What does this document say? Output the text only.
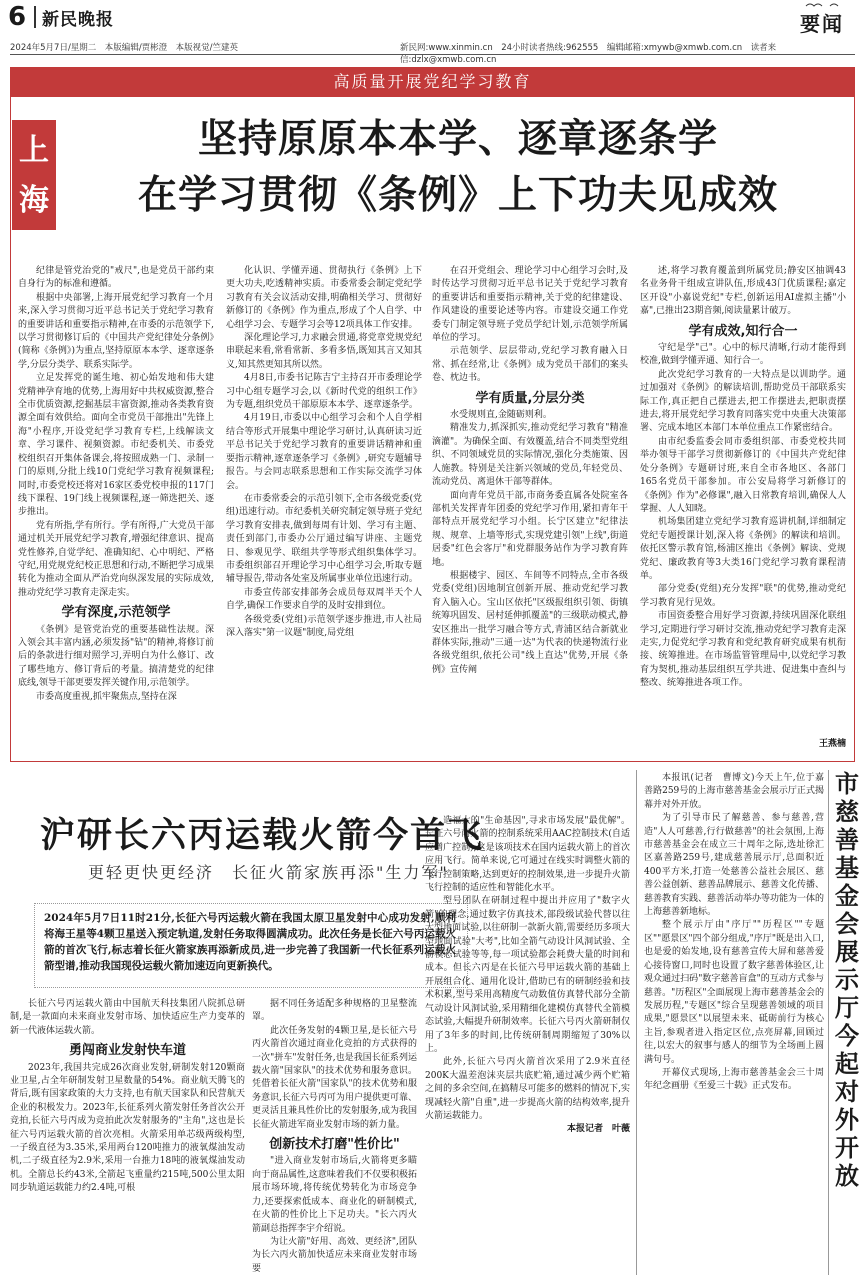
6 新民晚报	要闻
2024年5月7日/星期二　本版编辑/贾彬澄　本版视觉/竺建英	新民网:www.xinmin.cn　24小时读者热线:962555　编辑邮箱:xmywb@xmwb.com.cn　读者来信:dzlx@xmwb.com.cn
高质量开展党纪学习教育
上海
坚持原原本本学、逐章逐条学
在学习贯彻《条例》上下功夫见成效

纪律是管党治党的"戒尺",也是党员干部约束自身行为的标准和遵循。

根据中央部署,上海开展党纪学习教育一个月来,深入学习贯彻习近平总书记关于党纪学习教育的重要讲话和重要指示精神,在市委的示范领学下,以学习贯彻修订后的《中国共产党纪律处分条例》(简称《条例》)为重点,坚持原原本本学、逐章逐条学,分层分类学、联系实际学。

立足发挥党的诞生地、初心始发地和伟大建党精神孕育地的优势,上海用好中共权威资源,整合全市优质资源,挖掘基层丰富资源,推动各类教育资源全面有效供给。面向全市党员干部推出"先锋上海"小程序,开设党纪学习教育专栏,上线解读文章、学习课件、视频资源。市纪委机关、市委党校组织召开集体备课会,将按照成熟一门、录制一门的原则,分批上线10门党纪学习教育视频课程;同时,市委党校还将对16家区委党校申报的117门线下课程、19门线上视频课程,逐一筛选把关、逐步推出。

党有所指,学有所行。学有所得,广大党员干部通过机关开展党纪学习教育,增强纪律意识、提高党性修养,自觉学纪、准确知纪、心中明纪、严格守纪,用党规党纪校正思想和行动,不断把学习成果转化为推动全面从严治党向纵深发展的实际成效,推动党纪学习教育走深走实。

学有深度,示范领学

《条例》是管党治党的重要基础性法规。深入领会其丰富内涵,必须发扬"钻"的精神,将修订前后的条款进行细对照学习,弄明白为什么修订、改了哪些地方、修订背后的考量。搞清楚党的纪律底线,领导干部更要发挥关键作用,示范领学。

市委高度重视,抓牢聚焦点,坚持在深

化认识、学懂弄通、贯彻执行《条例》上下更大功夫,吃透精神实质。市委常委会制定党纪学习教育有关会议活动安排,明确相关学习、贯彻好新修订的《条例》作为重点,形成了个人自学、中心组学习会、专题学习会等12项具体工作安排。

深化理论学习,力求融会贯通,将党章党规党纪串联起来看,常看常新、多看多悟,既知其言又知其义,知其然更知其所以然。

4月8日,市委书记陈吉宁主持召开市委理论学习中心组专题学习会,以《新时代党的组织工作》为专题,组织党员干部原原本本学、逐章逐条学。

4月19日,市委以中心组学习会和个人自学相结合等形式开展集中理论学习研讨,认真研读习近平总书记关于党纪学习教育的重要讲话精神和重要指示精神,逐章逐条学习《条例》,研究专题辅导报告。与会同志联系思想和工作实际交流学习体会。

在市委常委会的示范引领下,全市各级党委(党组)迅速行动。市纪委机关研究制定领导班子党纪学习教育安排表,做到每周有计划、学习有主题、责任到部门,市委办公厅通过编写讲座、主题党日、参观见学、联组共学等形式组织集体学习。市委组织部召开理论学习中心组学习会,听取专题辅导报告,带动各处室及所属事业单位迅速行动。

市委宣传部安排部务会成员每双周半天个人自学,确保工作要求自学的及时安排到位。

各级党委(党组)示范领学逐步推进,市人社局深入落实"第一议题"制度,局党组

在召开党组会、理论学习中心组学习会时,及时传达学习贯彻习近平总书记关于党纪学习教育的重要讲话和重要指示精神,关于党的纪律建设、作风建设的重要论述等内容。市建设交通工作党委专门制定领导班子党员学纪计划,示范领学所属单位的学习。

示范领学、层层带动,党纪学习教育融入日常、抓在经常,让《条例》成为党员干部们的案头卷、枕边书。

学有质量,分层分类

水受规则直,金随砺则利。

精准发力,抓深抓实,推动党纪学习教育"精准滴灌"。为确保全面、有效覆盖,结合不同类型党组织、不同领域党员的实际情况,强化分类施策、因人施教。特别是关注新兴领域的党员,年轻党员、流动党员、离退休干部等群体。

面向青年党员干部,市商务委直属各处院室各部机关发挥青年团委的党纪学习作用,紧扣青年干部特点开展党纪学习小组。长宁区建立"纪律法规、规章、上墙等形式,实现党建引领"上线",街道居委"红色会客厅"和党群服务站作为学习教育阵地。

根据楼宇、园区、车间等不同特点,全市各级党委(党组)因地制宜创新开展、推动党纪学习教育入脑入心。宝山区依托"区级报组织引领、街镇统筹巩固发、居村延伸抓覆盖"的三级联动模式,静安区推出一批学习融合等方式,青浦区结合新就业群体实际,推动"三通一达"为代表的快递物流行业各级党组织,依托公司"线上直达"优势,开展《条例》宣传阐

述,将学习教育覆盖到所属党员;静安区抽调43名业务骨干组成宣讲队伍,形成43门优质课程;嘉定区开设"小嘉说党纪"专栏,创新运用AI虚拟主播"小嘉",已推出23期音频,阅读量累计破万。

学有成效,知行合一

守纪是学"己"。心中的标尺清晰,行动才能得到校准,做到学懂弄通、知行合一。

此次党纪学习教育的一大特点是以训助学。通过加强对《条例》的解读培训,帮助党员干部联系实际工作,真正把自己摆进去,把工作摆进去,把职责摆进去,将开展党纪学习教育同落实党中央重大决策部署、完成本地区本部门本单位重点工作紧密结合。

由市纪委监委会同市委组织部、市委党校共同举办领导干部学习贯彻新修订的《中国共产党纪律处分条例》专题研讨班,来自全市各地区、各部门165名党员干部参加。市公安局将学习新修订的《条例》作为"必修课",融入日常教育培训,确保人人掌握、人人知晓。

机场集团建立党纪学习教育巡讲机制,详细制定党纪专题授课计划,深入将《条例》的解读和培训。依托区警示教育馆,杨浦区推出《条例》解读、党规党纪、廉政教育等3大类16门党纪学习教育课程清单。

部分党委(党组)充分发挥"联"的优势,推动党纪学习教育见行见效。

市国资委整合用好学习资源,持续巩固深化联组学习,定期进行学习研讨交流,推动党纪学习教育走深走实,力促党纪学习教育和党纪教育研究成果有机衔接、统筹推进。在市场监管管理局中,以党纪学习教育为契机,推动基层组织互学共进、促进集中查纠与整改、统筹推进各项工作。

王燕楠
沪研长六丙运载火箭今首飞
更轻更快更经济　长征火箭家族再添"生力军"
2024年5月7日11时21分,长征六号丙运载火箭在我国太原卫星发射中心成功发射,顺利将海王星等4颗卫星送入预定轨道,发射任务取得圆满成功。此次任务是长征六号丙运载火箭的首次飞行,标志着长征火箭家族再添新成员,进一步完善了我国新一代长征系列运载火箭型谱,推动我国现役运载火箭加速迈向更新换代。

长征六号丙运载火箭由中国航天科技集团八院抓总研制,是一款面向未来商业发射市场、加快适应生产力变革的新一代液体运载火箭。

勇闯商业发射快车道

2023年,我国共完成26次商业发射,研制发射120颗商业卫星,占全年研制发射卫星数量的54%。商业航天腾飞的背后,既有国家政策的大力支持,也有航天国家队和民营航天企业的积极发力。2023年,长征系列火箭发射任务首次公开竞拍,长征六号丙成为竞拍此次发射服务的"主角",这也是长征六号丙运载火箭的首次亮相。火箭采用单芯级两级构型,一子级直径为3.35米,采用两台120吨推力的液氧煤油发动机,二子级直径为2.9米,采用一台推力18吨的液氧煤油发动机。全箭总长约43米,全箭起飞重量约215吨,500公里太阳同步轨道运载能力约2.4吨,可根

据不同任务适配多种规格的卫星整流罩。

此次任务发射的4颗卫星,是长征六号丙火箭首次通过商业化竞拍的方式获得的一次"拼车"发射任务,也是我国长征系列运载火箭"国家队"的技术优势和服务意识。凭借着长征火箭"国家队"的技术优势和服务意识,长征六号丙可为用户提供更可靠、更灵活且兼具性价比的发射服务,成为我国长征火箭进军商业发射市场的新力量。

创新技术打磨"性价比"

"进入商业发射市场后,火箭将更多瞄向于商品属性,这意味着我们不仅要积极拓展市场环境,将传统优势转化为市场竞争力,还要探索低成本、商业化的研制模式,在火箭的性价比上下足功夫。"长六丙火箭副总指挥李宇介绍说。

为让火箭"好用、高效、更经济",团队为长六丙火箭加快适应未来商业发射市场要

造福大的"生命基因",寻求市场发展"最优解"。长征六号丙火箭的控制系统采用AAC控制技术(自适应增广控制),这是该项技术在国内运载火箭上的首次应用飞行。简单来说,它可通过在线实时调整火箭的飞行控制策略,达到更好的控制效果,进一步提升火箭飞行控制的适应性和智能化水平。

型号团队在研制过程中提出并应用了"数字火箭"的理念,通过数字仿真技术,部段级试验代替以往大型地面试验,以往研制一款新火箭,需要经历多项大型地面试验"大考",比如全箭气动设计风洞试验、全箭模态试验等等,每一项试验都会耗费大量的时间和成本。但长六丙是在长征六号甲运载火箭的基础上开展组合化、通用化设计,借助已有的研制经验和技术积累,型号采用高精度气动数值仿真替代部分全箭气动设计风洞试验,采用精细化建模仿真替代全箭模态试验,大幅提升研制效率。长征六号丙火箭研制仅用了3年多的时间,比传统研制周期缩短了30%以上。

此外,长征六号丙火箭首次采用了2.9米直径200K大温差泡沫夹层共底贮箱,通过减少两个贮箱之间的多余空间,在搞精尽可能多的燃料的情况下,实现减轻火箭"自重",进一步提高火箭的结构效率,提升火箭运载能力。

本报记者　叶薇

本报讯(记者　曹博文)今天上午,位于嘉善路259号的上海市慈善基金会展示厅正式揭幕并对外开放。

为了引导市民了解慈善、参与慈善,营造"人人可慈善,行行做慈善"的社会氛围,上海市慈善基金会在成立三十周年之际,选址徐汇区嘉善路259号,建成慈善展示厅,总面积近400平方米,打造一处慈善公益社会展区、慈善公益创新、慈善品牌展示、慈善文化传播、慈善教育实践、慈善活动举办等功能为一体的上海慈善新地标。

整个展示厅由"序厅""历程区""专题区""愿景区"四个部分组成,"序厅"既是出入口,也是爱的始发地,设有慈善宣传大屏和慈善爱心接待窗口,同时也设置了数字慈善体验区,让观众通过扫码"数字慈善盲盒"的互动方式参与慈善。"历程区"全面展现上海市慈善基金会的发展历程,"专题区"综合呈现慈善领域的项目成果,"愿景区"以展望未来、砥砺前行为核心主旨,参观者进入指定区位,点亮屏幕,回顾过往,以宏大的叙事与感人的细节为全场画上圆满句号。

开幕仪式现场,上海市慈善基金会三十周年纪念画册《至爱三十载》正式发布。

市慈善基金会展示厅今起对外开放
